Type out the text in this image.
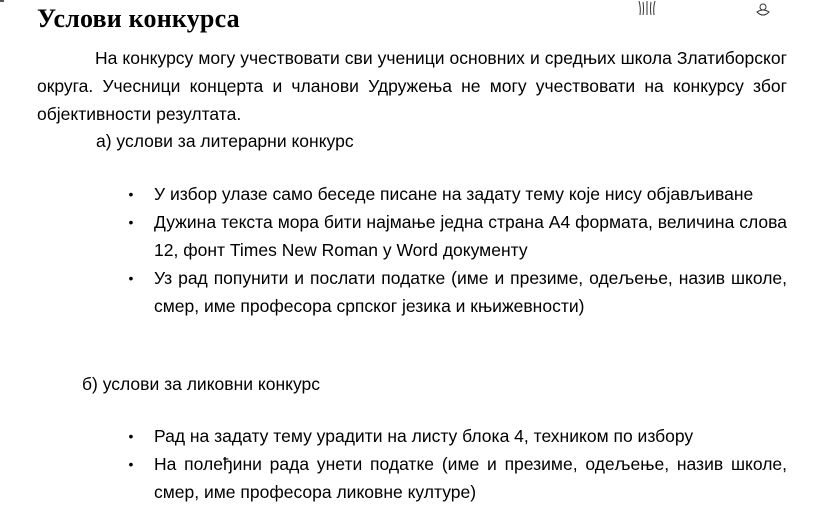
Услови конкурса
На конкурсу могу учествовати сви ученици основних и средњих школа Златиборског округа. Учесници концерта и чланови Удружења не могу учествовати на конкурсу због објективности резултата.
а) услови за литерарни конкурс
• У избор улазе само беседе писане на задату тему које нису објављиване
• Дужина текста мора бити најмање једна страна А4 формата, величина слова 12, фонт Times New Roman у Word документу
• Уз рад попунити и послати податке (име и презиме, одељење, назив школе, смер, име професора српског језика и књижевности)
б) услови за ликовни конкурс
• Рад на задату тему урадити на листу блока 4, техником по избору
• На полеђини рада унети податке (име и презиме, одељење, назив школе, смер, име професора ликовне културе)
